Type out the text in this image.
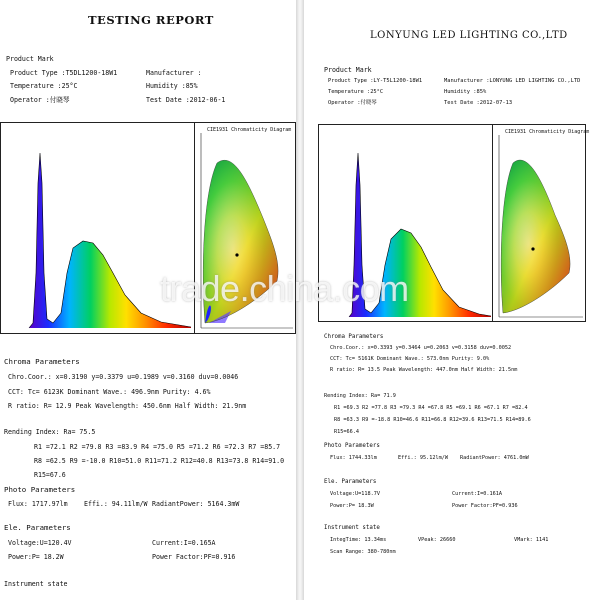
TESTING REPORT
Product Mark
Product Type :T5DL1200-18W1	Manufacturer :
Temperature :25°C	Humidity :85%
Operator :付晓琴	Test Date :2012-06-1
CIE1931 Chromaticity Diagram
Chroma Parameters
Chro.Coor.: x=0.3190 y=0.3379 u=0.1989 v=0.3160 duv=0.0046
CCT: Tc= 6123K Dominant Wave.: 496.9nm Purity: 4.6%
R ratio: R= 12.9 Peak Wavelength: 450.6nm Half Width: 21.9nm
Rending Index: Ra= 75.5
R1 =72.1 R2 =79.8 R3 =83.9 R4 =75.0 R5 =71.2 R6 =72.3 R7 =85.7
R8 =62.5 R9 =-10.0 R10=51.0 R11=71.2 R12=40.8 R13=73.8 R14=91.0
R15=67.6
Photo Parameters
Flux: 1717.97lm Effi.: 94.11lm/W RadiantPower: 5164.3mW
Ele. Parameters
Voltage:U=120.4V	Current:I=0.165A
Power:P= 18.2W	Power Factor:PF=0.916
Instrument state
LONYUNG LED LIGHTING CO.,LTD
Product Mark
Product Type :LY-T5L1200-18W1	Manufacturer :LONYUNG LED LIGHTING CO.,LTD
Temperature :25°C	Humidity :85%
Operator :付晓琴	Test Date :2012-07-13
CIE1931 Chromaticity Diagram
Chroma Parameters
Chro.Coor.: x=0.3393 y=0.3464 u=0.2063 v=0.3158 duv=0.0052
CCT: Tc= 5161K Dominant Wave.: 573.0nm Purity: 9.0%
R ratio: R= 13.5 Peak Wavelength: 447.0nm Half Width: 21.5nm
Rending Index: Ra= 71.9
R1 =69.3 R2 =77.8 R3 =79.3 R4 =67.8 R5 =69.1 R6 =67.1 R7 =82.4
R8 =63.3 R9 =-18.8 R10=46.6 R11=66.8 R12=39.6 R13=71.5 R14=89.6
R15=66.4
Photo Parameters
Flux: 1744.33lm	Effi.: 95.12lm/W RadiantPower: 4761.0mW
Ele. Parameters
Voltage:U=118.7V	Current:I=0.161A
Power:P= 18.3W	Power Factor:PF=0.936
Instrument state
IntegTime: 13.34ms	VPeak: 26660	VMark: 1141
Scan Range: 380-780nm
trade.china.com
